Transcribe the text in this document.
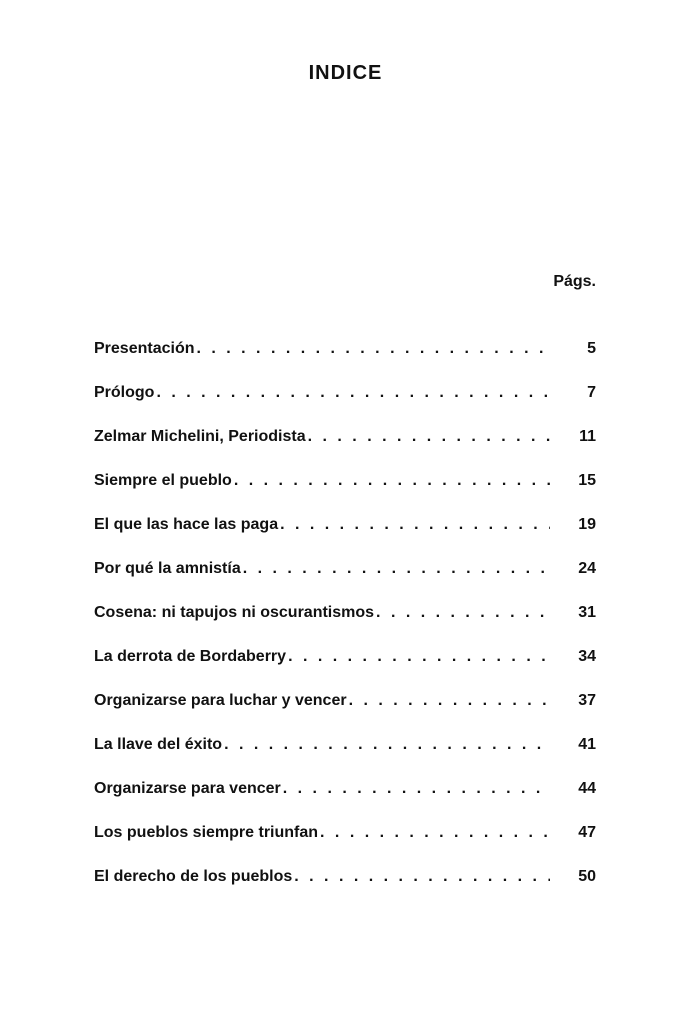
INDICE
Págs.
Presentación . . .	5
Prólogo . . .	7
Zelmar Michelini, Periodista . . .	11
Siempre el pueblo . . .	15
El que las hace las paga . . .	19
Por qué la amnistía . . .	24
Cosena: ni tapujos ni oscurantismos . . .	31
La derrota de Bordaberry . . .	34
Organizarse para luchar y vencer . . .	37
La llave del éxito . . .	41
Organizarse para vencer . . .	44
Los pueblos siempre triunfan . . .	47
El derecho de los pueblos . . .	50
